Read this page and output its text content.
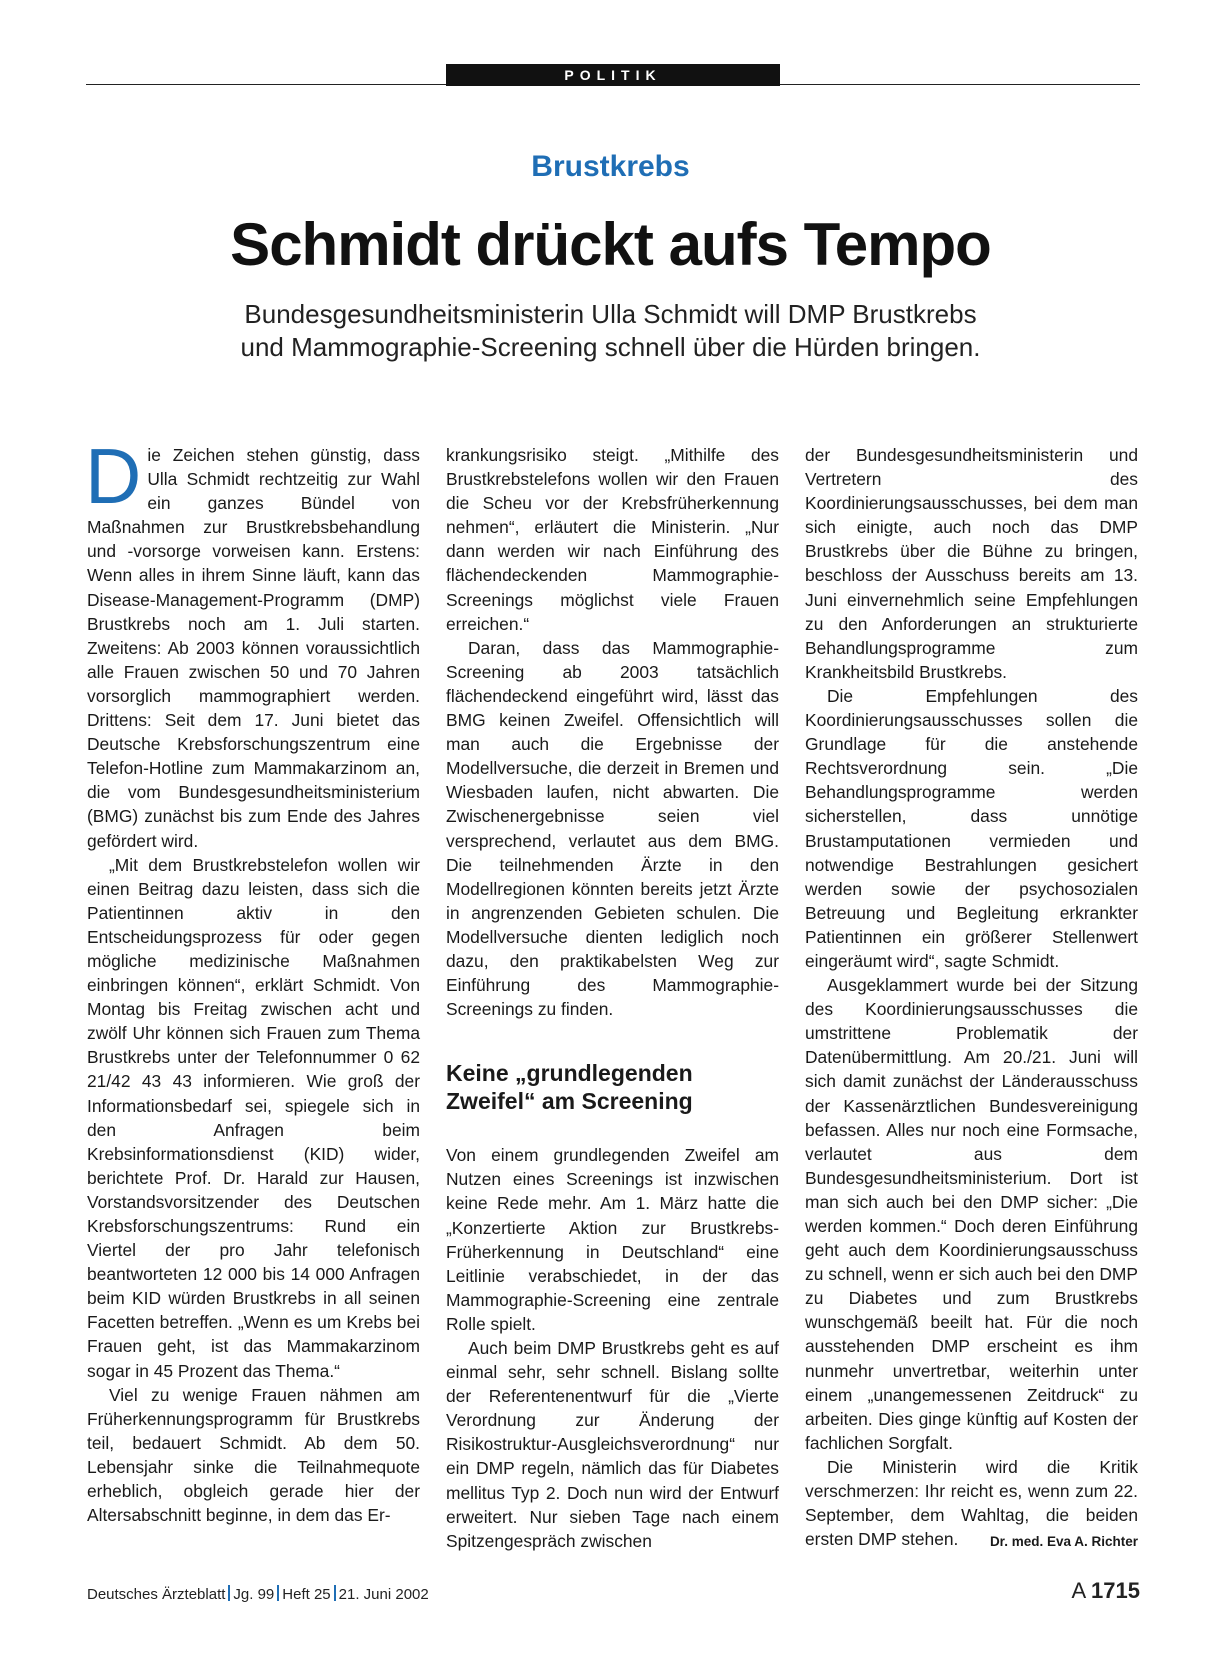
POLITIK
Brustkrebs
Schmidt drückt aufs Tempo
Bundesgesundheitsministerin Ulla Schmidt will DMP Brustkrebs und Mammographie-Screening schnell über die Hürden bringen.

Die Zeichen stehen günstig, dass Ulla Schmidt rechtzeitig zur Wahl ein ganzes Bündel von Maßnahmen zur Brustkrebsbehandlung und -vorsorge vorweisen kann. Erstens: Wenn alles in ihrem Sinne läuft, kann das Disease-Management-Programm (DMP) Brustkrebs noch am 1. Juli starten. Zweitens: Ab 2003 können voraussichtlich alle Frauen zwischen 50 und 70 Jahren vorsorglich mammographiert werden. Drittens: Seit dem 17. Juni bietet das Deutsche Krebsforschungszentrum eine Telefon-Hotline zum Mammakarzinom an, die vom Bundesgesundheitsministerium (BMG) zunächst bis zum Ende des Jahres gefördert wird.

„Mit dem Brustkrebstelefon wollen wir einen Beitrag dazu leisten, dass sich die Patientinnen aktiv in den Entscheidungsprozess für oder gegen mögliche medizinische Maßnahmen einbringen können“, erklärt Schmidt. Von Montag bis Freitag zwischen acht und zwölf Uhr können sich Frauen zum Thema Brustkrebs unter der Telefonnummer 0 62 21/42 43 43 informieren. Wie groß der Informationsbedarf sei, spiegele sich in den Anfragen beim Krebsinformationsdienst (KID) wider, berichtete Prof. Dr. Harald zur Hausen, Vorstandsvorsitzender des Deutschen Krebsforschungszentrums: Rund ein Viertel der pro Jahr telefonisch beantworteten 12 000 bis 14 000 Anfragen beim KID würden Brustkrebs in all seinen Facetten betreffen. „Wenn es um Krebs bei Frauen geht, ist das Mammakarzinom sogar in 45 Prozent das Thema.“

Viel zu wenige Frauen nähmen am Früherkennungsprogramm für Brustkrebs teil, bedauert Schmidt. Ab dem 50. Lebensjahr sinke die Teilnahmequote erheblich, obgleich gerade hier der Altersabschnitt beginne, in dem das Er-

krankungsrisiko steigt. „Mithilfe des Brustkrebstelefons wollen wir den Frauen die Scheu vor der Krebsfrüherkennung nehmen“, erläutert die Ministerin. „Nur dann werden wir nach Einführung des flächendeckenden Mammographie-Screenings möglichst viele Frauen erreichen.“

Daran, dass das Mammographie-Screening ab 2003 tatsächlich flächendeckend eingeführt wird, lässt das BMG keinen Zweifel. Offensichtlich will man auch die Ergebnisse der Modellversuche, die derzeit in Bremen und Wiesbaden laufen, nicht abwarten. Die Zwischenergebnisse seien viel versprechend, verlautet aus dem BMG. Die teilnehmenden Ärzte in den Modellregionen könnten bereits jetzt Ärzte in angrenzenden Gebieten schulen. Die Modellversuche dienten lediglich noch dazu, den praktikabelsten Weg zur Einführung des Mammographie-Screenings zu finden.

Keine „grundlegenden Zweifel“ am Screening

Von einem grundlegenden Zweifel am Nutzen eines Screenings ist inzwischen keine Rede mehr. Am 1. März hatte die „Konzertierte Aktion zur Brustkrebs-Früherkennung in Deutschland“ eine Leitlinie verabschiedet, in der das Mammographie-Screening eine zentrale Rolle spielt.

Auch beim DMP Brustkrebs geht es auf einmal sehr, sehr schnell. Bislang sollte der Referentenentwurf für die „Vierte Verordnung zur Änderung der Risikostruktur-Ausgleichsverordnung“ nur ein DMP regeln, nämlich das für Diabetes mellitus Typ 2. Doch nun wird der Entwurf erweitert. Nur sieben Tage nach einem Spitzengespräch zwischen

der Bundesgesundheitsministerin und Vertretern des Koordinierungsausschusses, bei dem man sich einigte, auch noch das DMP Brustkrebs über die Bühne zu bringen, beschloss der Ausschuss bereits am 13. Juni einvernehmlich seine Empfehlungen zu den Anforderungen an strukturierte Behandlungsprogramme zum Krankheitsbild Brustkrebs.

Die Empfehlungen des Koordinierungsausschusses sollen die Grundlage für die anstehende Rechtsverordnung sein. „Die Behandlungsprogramme werden sicherstellen, dass unnötige Brustamputationen vermieden und notwendige Bestrahlungen gesichert werden sowie der psychosozialen Betreuung und Begleitung erkrankter Patientinnen ein größerer Stellenwert eingeräumt wird“, sagte Schmidt.

Ausgeklammert wurde bei der Sitzung des Koordinierungsausschusses die umstrittene Problematik der Datenübermittlung. Am 20./21. Juni will sich damit zunächst der Länderausschuss der Kassenärztlichen Bundesvereinigung befassen. Alles nur noch eine Formsache, verlautet aus dem Bundesgesundheitsministerium. Dort ist man sich auch bei den DMP sicher: „Die werden kommen.“ Doch deren Einführung geht auch dem Koordinierungsausschuss zu schnell, wenn er sich auch bei den DMP zu Diabetes und zum Brustkrebs wunschgemäß beeilt hat. Für die noch ausstehenden DMP erscheint es ihm nunmehr unvertretbar, weiterhin unter einem „unangemessenen Zeitdruck“ zu arbeiten. Dies ginge künftig auf Kosten der fachlichen Sorgfalt.

Die Ministerin wird die Kritik verschmerzen: Ihr reicht es, wenn zum 22. September, dem Wahltag, die beiden ersten DMP stehen.	Dr. med. Eva A. Richter

Deutsches Ärzteblatt Jg. 99 Heft 25 21. Juni 2002	A 1715
